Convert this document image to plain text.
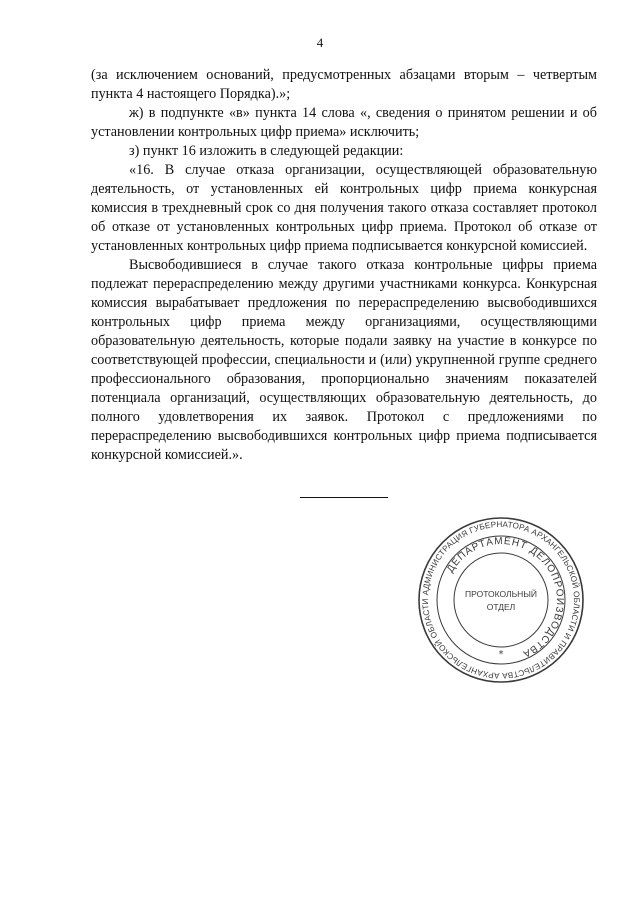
4

(за исключением оснований, предусмотренных абзацами вторым – четвертым пункта 4 настоящего Порядка).»;

ж) в подпункте «в» пункта 14 слова «, сведения о принятом решении и об установлении контрольных цифр приема» исключить;

з) пункт 16 изложить в следующей редакции:

«16. В случае отказа организации, осуществляющей образовательную деятельность, от установленных ей контрольных цифр приема конкурсная комиссия в трехдневный срок со дня получения такого отказа составляет протокол об отказе от установленных контрольных цифр приема. Протокол об отказе от установленных контрольных цифр приема подписывается конкурсной комиссией.

Высвободившиеся в случае такого отказа контрольные цифры приема подлежат перераспределению между другими участниками конкурса. Конкурсная комиссия вырабатывает предложения по перераспределению высвободившихся контрольных цифр приема между организациями, осуществляющими образовательную деятельность, которые подали заявку на участие в конкурсе по соответствующей профессии, специальности и (или) укрупненной группе среднего профессионального образования, пропорционально значениям показателей потенциала организаций, осуществляющих образовательную деятельность, до полного удовлетворения их заявок. Протокол с предложениями по перераспределению высвободившихся контрольных цифр приема подписывается конкурсной комиссией.».

АДМИНИСТРАЦИЯ ГУБЕРНАТОРА АРХАНГЕЛЬСКОЙ ОБЛАСТИ И ПРАВИТЕЛЬСТВА АРХАНГЕЛЬСКОЙ ОБЛАСТИ
ДЕПАРТАМЕНТ ДЕЛОПРОИЗВОДСТВА
ПРОТОКОЛЬНЫЙ
ОТДЕЛ
*
